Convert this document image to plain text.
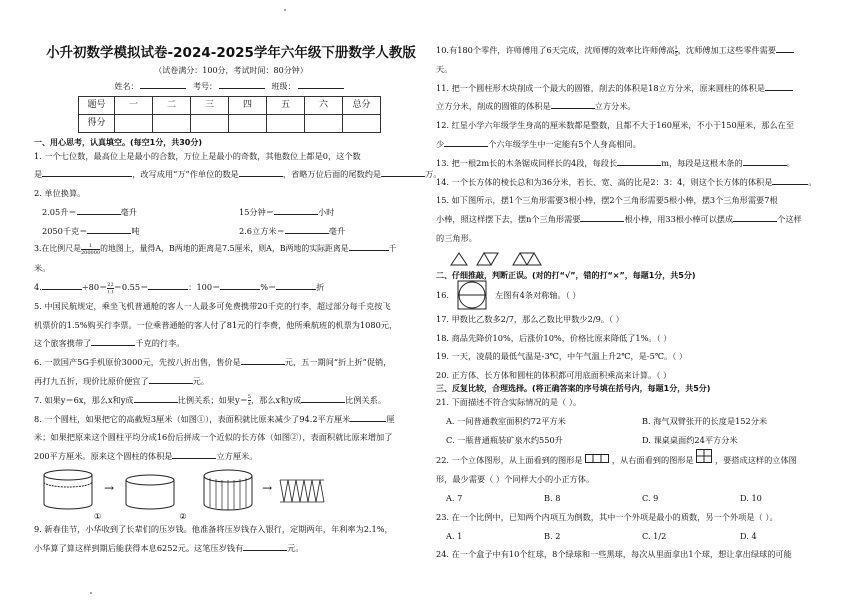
小升初数学模拟试卷-2024-2025学年六年级下册数学人教版
（试卷满分：100分，考试时间：80分钟）
姓名：	考号：	班级：
题号	一	二	三	四	五	六	总分
得分							
一、用心思考，认真填空。(每空1分，共30分)

1. 一个七位数，最高位上是最小的合数，万位上是最小的奇数，其他数位上都是0，这个数

是	，改写成用“万”作单位的数是	，省略万位后面的尾数约是	万。

2. 单位换算。

2.05升＝	毫升	15分钟＝	小时

2050千克＝	吨	2.6立方米＝	毫升

3.在比例尺是 $\frac{1}{200000}$ 的地图上，量得A，B两地的距离是7.5厘米，则A，B两地的实际距离是	千

米。

4.	÷80＝ 22
( ) ＝0.55＝	：100＝	%＝	折

5. 中国民航规定，乘坐飞机普通舱的客人一人最多可免费携带20千克的行李，超过部分每千克按飞

机票价的1.5%购买行李票。一位乘普通舱的客人付了81元的行李费，他所乘航班的机票为1080元，

这个旅客携带了	千克的行李。

6. 一款国产5G手机原价3000元，先按八折出售，售价是	元，五一期间“折上折”促销，

再打九五折，现价比原价便宜了	元。

7. 如果y＝6x，那么x和y成	比例关系；如果$y= \frac{5}{x}$ ，那么x和y成	比例关系。

8. 一个圆柱，如果把它的高截短3厘米（如图①），表面积就比原来减少了94.2平方厘米	厘

米；如果把原来这个圆柱平均分成16份后拼成一个近似的长方体（如图②），表面积就比原来增加了

200平方厘米。原来这个圆柱的体积是	立方厘米。

→	→
①	②

9. 新春佳节，小华收到了长辈们的压岁钱。他准备将压岁钱存入银行，定期两年，年利率为2.1%，

小华算了算这样到期后能获得本息6252元。这笔压岁钱有	元。

10.有180个零件，许师傅用了6天完成，沈师傅的效率比许师傅高 $\frac{1}{5}$ ，沈师傅加工这些零件需要

天。

11. 把一个圆柱形木块削成一个最大的圆锥，削去的体积是18立方分米，原来圆柱的体积是

立方分米，削成的圆锥的体积是	立方分米。

12. 红星小学六年级学生身高的厘米数都是整数，且都不大于160厘米，不小于150厘米，那么在至

少	个六年级学生中一定能有5个人身高相同。

13. 把一根2m长的木条锯成同样长的4段，每段长	m，每段是这根木条的	。

14. 一个长方体的棱长总和为36分米，若长、宽、高的比是2：3：4，则这个长方体的体积是	。

15. 如下图所示，摆1个三角形需要3根小棒，摆2个三角形需要5根小棒，摆3个三角形需要7根

小棒，照这样摆下去，摆n个三角形需要	根小棒，用33根小棒可以摆成	个这样

的三角形。

二、仔细推敲，判断正误。(对的打“√”，错的打“×”，每题1分，共5分)
16.	左图有4条对称轴。（ ）

17. 甲数比乙数多2/7，那么乙数比甲数少2/9。（ ）

18. 商品先降价10%，后涨价10%，价格比原来降低了1%。（ ）

19. 一天，凌晨的最低气温是-3℃，中午气温上升2℃，是-5℃。（ ）

20. 正方体、长方体和圆柱的体积都可用底面积乘高来计算。（ ）

三、反复比较，合理选择。(将正确答案的序号填在括号内，每题1分，共5分)

21. 下面描述不符合实际情况的是（ ）。

A. 一间普通教室面积约72平方米	B. 海气双臂张开的长度是152分米

C. 一瓶普通瓶装矿泉水约550升	D. 课桌桌面约24平方分米

22. 一个立体图形，从上面看到的图形是	，从右面看到的图形是	，要搭成这样的立体图

形，最少需要（ ）个同样大小的小正方体。

A. 7	B. 8	C. 9	D. 10

23. 在一个比例中，已知两个内项互为倒数，其中一个外项是最小的质数，另一个外项是（ ）。

A. 1	B. 2	C. 1/2	D. 4

24. 在一个盒子中有10个红球，8个绿球和一些黑球，每次从里面拿出1个球，想让拿出绿球的可能
